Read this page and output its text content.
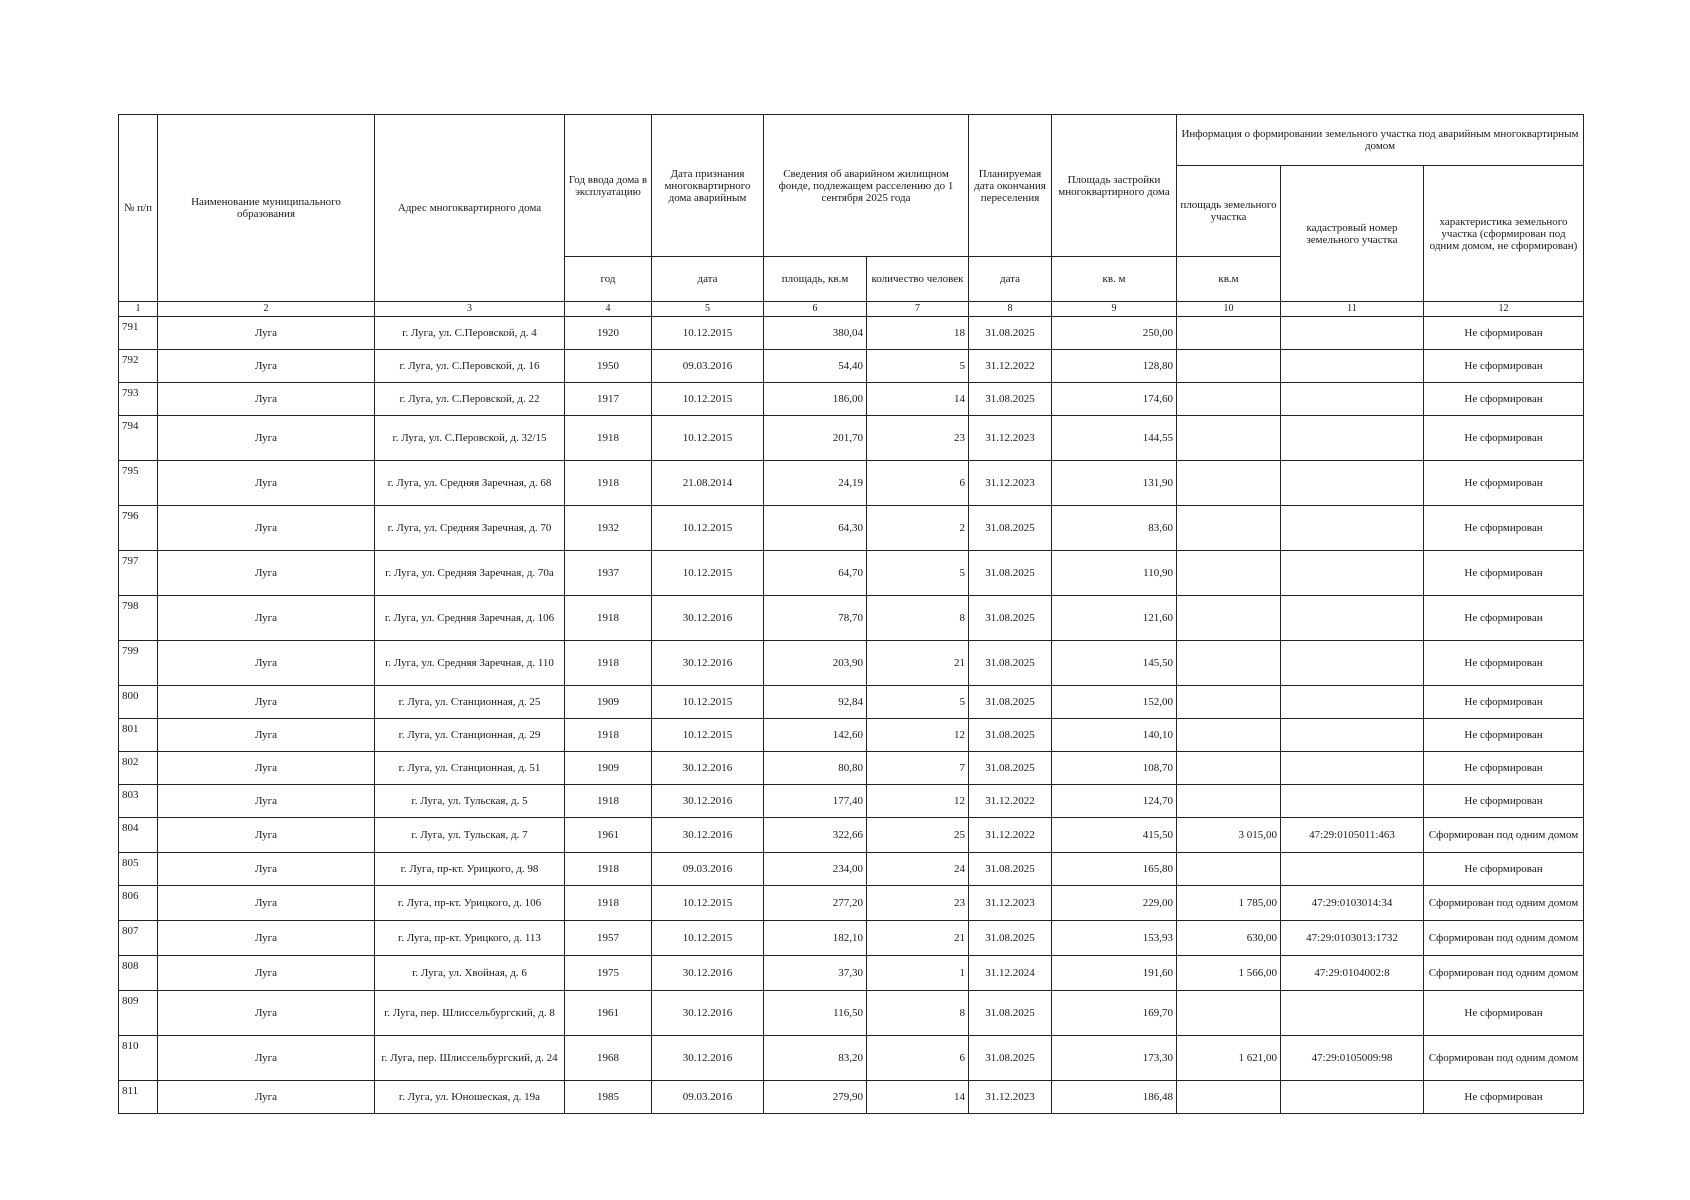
№ п/п	Наименование муниципального образования	Адрес многоквартирного дома	Год ввода дома в эксплуатацию	Дата признания многоквартирного дома аварийным	Сведения об аварийном жилищном фонде, подлежащем расселению до 1 сентября 2025 года		Планируемая дата окончания переселения	Площадь застройки многоквартирного дома	Информация о формировании земельного участка под аварийным многоквартирным домом		
									площадь земельного участка	кадастровый номер земельного участка	характеристика земельного участка (сформирован под одним домом, не сформирован)
			год	дата	площадь, кв.м	количество человек	дата	кв. м	кв.м		
1	2	3	4	5	6	7	8	9	10	11	12
791	Луга	г. Луга, ул. С.Перовской, д. 4	1920	10.12.2015	380,04	18	31.08.2025	250,00			Не сформирован
792	Луга	г. Луга, ул. С.Перовской, д. 16	1950	09.03.2016	54,40	5	31.12.2022	128,80			Не сформирован
793	Луга	г. Луга, ул. С.Перовской, д. 22	1917	10.12.2015	186,00	14	31.08.2025	174,60			Не сформирован
794	Луга	г. Луга, ул. С.Перовской, д. 32/15	1918	10.12.2015	201,70	23	31.12.2023	144,55			Не сформирован
795	Луга	г. Луга, ул. Средняя Заречная, д. 68	1918	21.08.2014	24,19	6	31.12.2023	131,90			Не сформирован
796	Луга	г. Луга, ул. Средняя Заречная, д. 70	1932	10.12.2015	64,30	2	31.08.2025	83,60			Не сформирован
797	Луга	г. Луга, ул. Средняя Заречная, д. 70а	1937	10.12.2015	64,70	5	31.08.2025	110,90			Не сформирован
798	Луга	г. Луга, ул. Средняя Заречная, д. 106	1918	30.12.2016	78,70	8	31.08.2025	121,60			Не сформирован
799	Луга	г. Луга, ул. Средняя Заречная, д. 110	1918	30.12.2016	203,90	21	31.08.2025	145,50			Не сформирован
800	Луга	г. Луга, ул. Станционная, д. 25	1909	10.12.2015	92,84	5	31.08.2025	152,00			Не сформирован
801	Луга	г. Луга, ул. Станционная, д. 29	1918	10.12.2015	142,60	12	31.08.2025	140,10			Не сформирован
802	Луга	г. Луга, ул. Станционная, д. 51	1909	30.12.2016	80,80	7	31.08.2025	108,70			Не сформирован
803	Луга	г. Луга, ул. Тульская, д. 5	1918	30.12.2016	177,40	12	31.12.2022	124,70			Не сформирован
804	Луга	г. Луга, ул. Тульская, д. 7	1961	30.12.2016	322,66	25	31.12.2022	415,50	3 015,00	47:29:0105011:463	Сформирован под одним домом
805	Луга	г. Луга, пр-кт. Урицкого, д. 98	1918	09.03.2016	234,00	24	31.08.2025	165,80			Не сформирован
806	Луга	г. Луга, пр-кт. Урицкого, д. 106	1918	10.12.2015	277,20	23	31.12.2023	229,00	1 785,00	47:29:0103014:34	Сформирован под одним домом
807	Луга	г. Луга, пр-кт. Урицкого, д. 113	1957	10.12.2015	182,10	21	31.08.2025	153,93	630,00	47:29:0103013:1732	Сформирован под одним домом
808	Луга	г. Луга, ул. Хвойная, д. 6	1975	30.12.2016	37,30	1	31.12.2024	191,60	1 566,00	47:29:0104002:8	Сформирован под одним домом
809	Луга	г. Луга, пер. Шлиссельбургский, д. 8	1961	30.12.2016	116,50	8	31.08.2025	169,70			Не сформирован
810	Луга	г. Луга, пер. Шлиссельбургский, д. 24	1968	30.12.2016	83,20	6	31.08.2025	173,30	1 621,00	47:29:0105009:98	Сформирован под одним домом
811	Луга	г. Луга, ул. Юношеская, д. 19а	1985	09.03.2016	279,90	14	31.12.2023	186,48			Не сформирован
